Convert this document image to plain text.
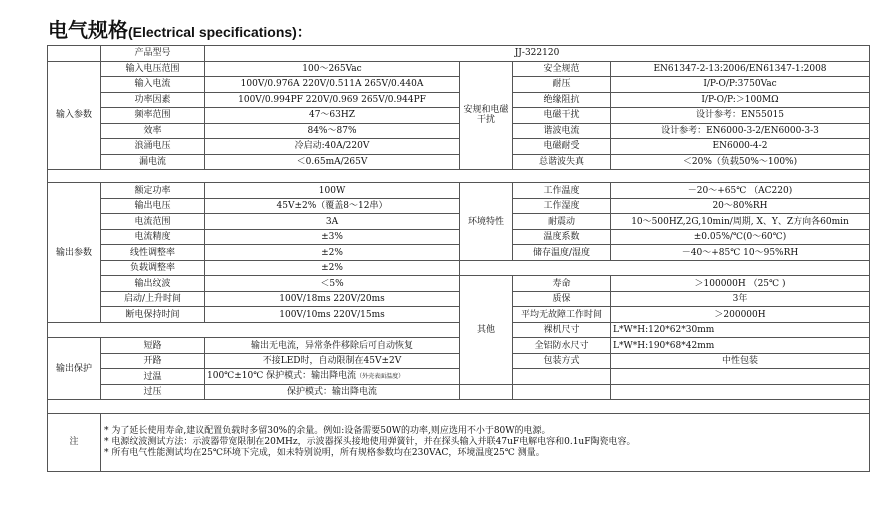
电气规格(Electrical specifications)：
	产品型号	JJ-322120				
输入参数	输入电压范围	100～265Vac	安规和电磁干扰	安全规范	EN61347-2-13:2006/EN61347-1:2008	
	输入电流	100V/0.976A 220V/0.511A 265V/0.440A		耐压	I/P-O/P:3750Vac	
	功率因素	100V/0.994PF 220V/0.969 265V/0.944PF		绝缘阻抗	I/P-O/P:＞100MΩ	
	频率范围	47～63HZ		电磁干扰	设计参考：EN55015	
	效率	84%～87%		谐波电流	设计参考：EN6000-3-2/EN6000-3-3	
	浪涌电压	冷启动:40A/220V		电磁耐受	EN6000-4-2	
	漏电流	＜0.65mA/265V		总谐波失真	＜20%（负载50%～100%)	

输出参数	额定功率	100W	环境特性	工作温度	－20～+65℃ （AC220)	
	输出电压	45V±2%（覆盖8～12串）		工作湿度	20～80%RH	
	电流范围	3A		耐震动	10～500HZ,2G,10min/周期, X、Y、Z方向各60min	
	电流精度	±3%		温度系数	±0.05%/℃(0～60℃)	
	线性调整率	±2%		储存温度/湿度	－40～+85℃ 10～95%RH	
	负载调整率	±2%				
	输出纹波	＜5%	其他	寿命	＞100000H （25℃ )	
	启动/上升时间	100V/18ms 220V/20ms		质保	3年	
	断电保持时间	100V/10ms 220V/15ms		平均无故障工作时间	＞200000H	
				裸机尺寸	L*W*H:120*62*30mm	
输出保护	短路	输出无电流，异常条件移除后可自动恢复		全铝防水尺寸	L*W*H:190*68*42mm	
	开路	不接LED时，自动限制在45V±2V		包装方式	中性包装	
	过温	100℃±10℃ 保护模式：输出降电流（外壳表面温度）				
	过压	保护模式：输出降电流				

注	* 为了延长使用寿命,建议配置负载时多留30%的余量。例如:设备需要50W的功率,则应选用不小于80W的电源。
* 电源纹波测试方法：示波器带宽限制在20MHz，示波器探头接地使用弹簧针，并在探头输入并联47uF电解电容和0.1uF陶瓷电容。
* 所有电气性能测试均在25℃环境下完成，如未特别说明，所有规格参数均在230VAC，环境温度25℃ 测量。					
